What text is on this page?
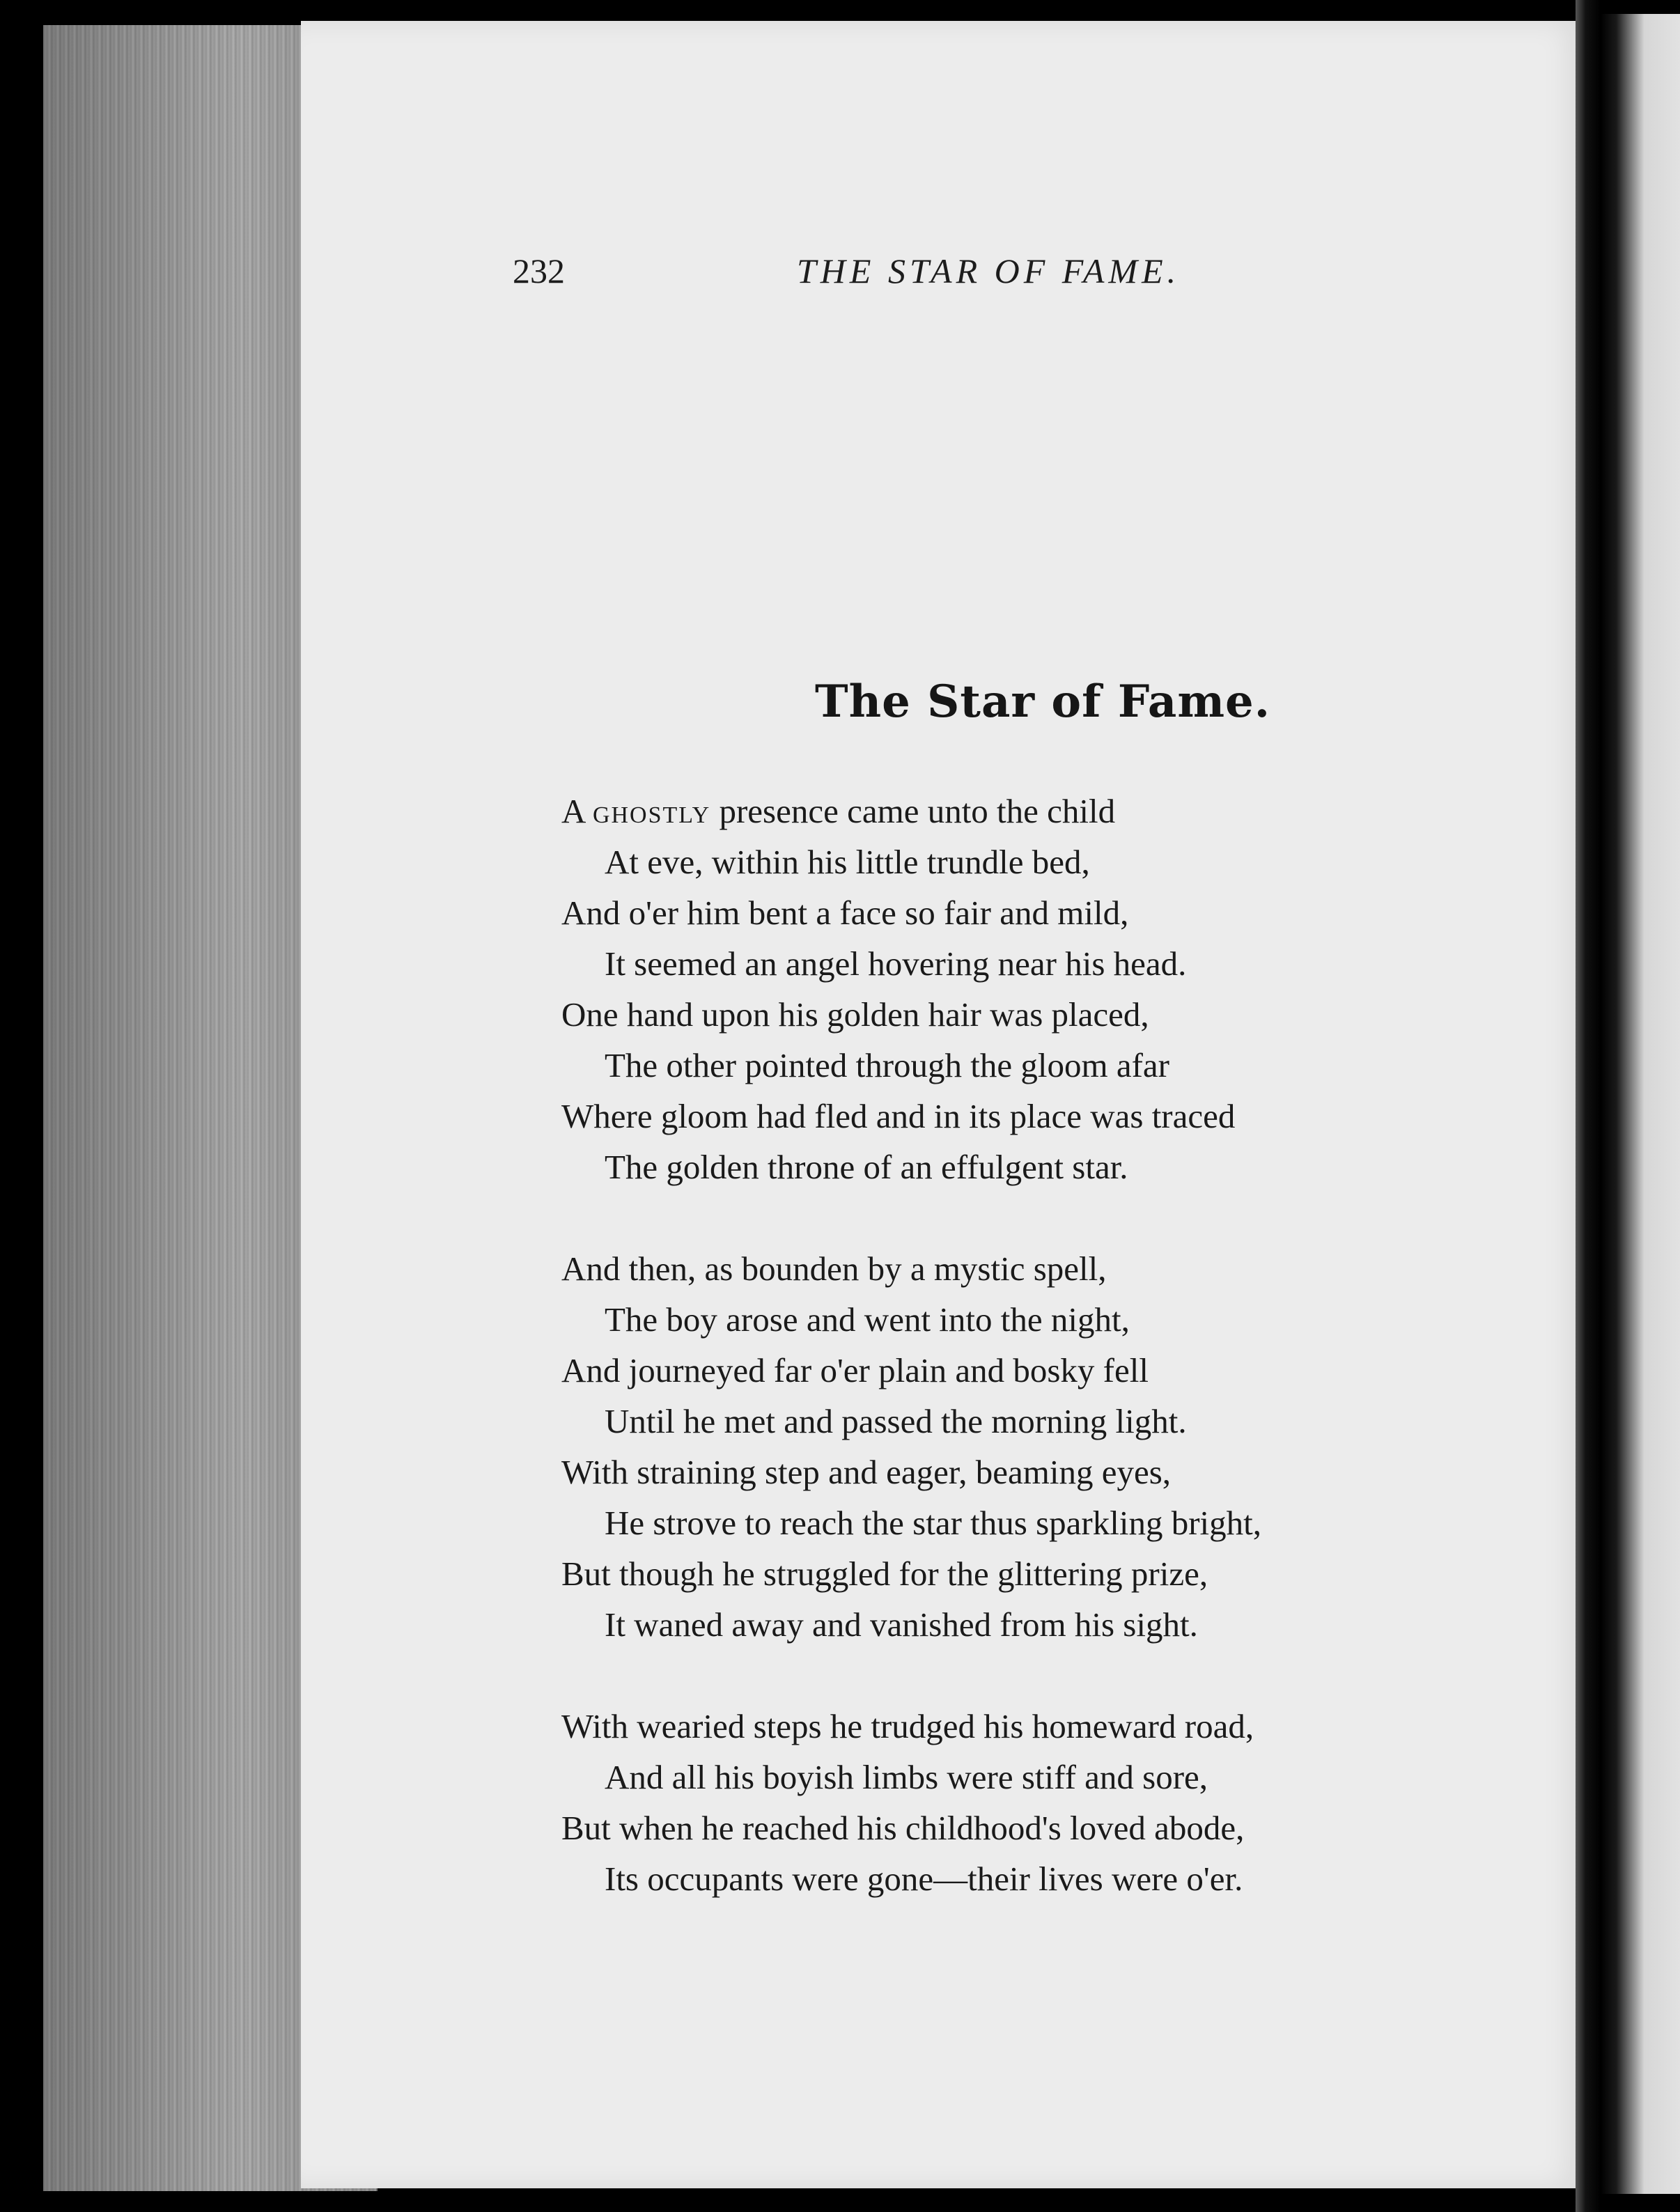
232	THE STAR OF FAME.
The Star of Fame.
A ghostly presence came unto the child
At eve, within his little trundle bed,
And o'er him bent a face so fair and mild,
It seemed an angel hovering near his head.
One hand upon his golden hair was placed,
The other pointed through the gloom afar
Where gloom had fled and in its place was traced
The golden throne of an effulgent star.
And then, as bounden by a mystic spell,
The boy arose and went into the night,
And journeyed far o'er plain and bosky fell
Until he met and passed the morning light.
With straining step and eager, beaming eyes,
He strove to reach the star thus sparkling bright,
But though he struggled for the glittering prize,
It waned away and vanished from his sight.
With wearied steps he trudged his homeward road,
And all his boyish limbs were stiff and sore,
But when he reached his childhood's loved abode,
Its occupants were gone—their lives were o'er.
